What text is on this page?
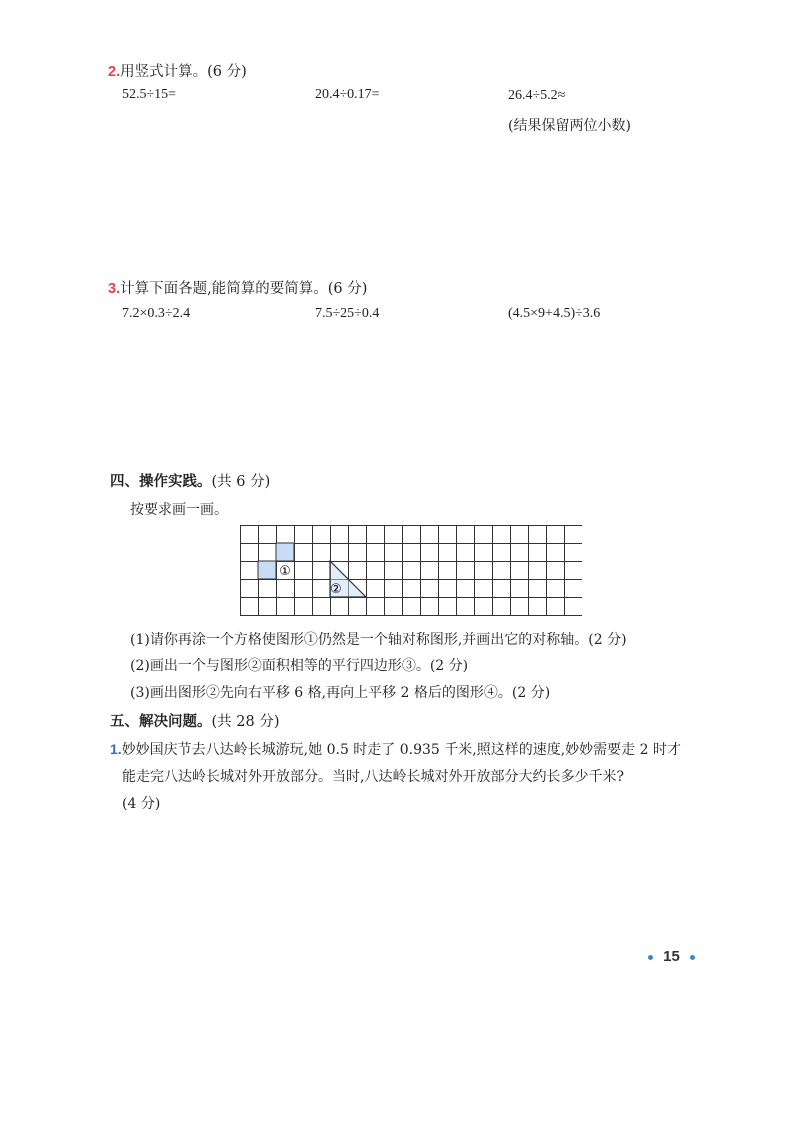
2.用竖式计算。(6 分)
52.5÷15=	20.4÷0.17=	26.4÷5.2≈
(结果保留两位小数)
3.计算下面各题,能简算的要简算。(6 分)
7.2×0.3÷2.4	7.5÷25÷0.4	(4.5×9+4.5)÷3.6
四、操作实践。(共 6 分)
按要求画一画。
①
②
(1)请你再涂一个方格使图形①仍然是一个轴对称图形,并画出它的对称轴。(2 分)
(2)画出一个与图形②面积相等的平行四边形③。(2 分)
(3)画出图形②先向右平移 6 格,再向上平移 2 格后的图形④。(2 分)
五、解决问题。(共 28 分)
1.妙妙国庆节去八达岭长城游玩,她 0.5 时走了 0.935 千米,照这样的速度,妙妙需要走 2 时才
能走完八达岭长城对外开放部分。当时,八达岭长城对外开放部分大约长多少千米?
(4 分)
15
